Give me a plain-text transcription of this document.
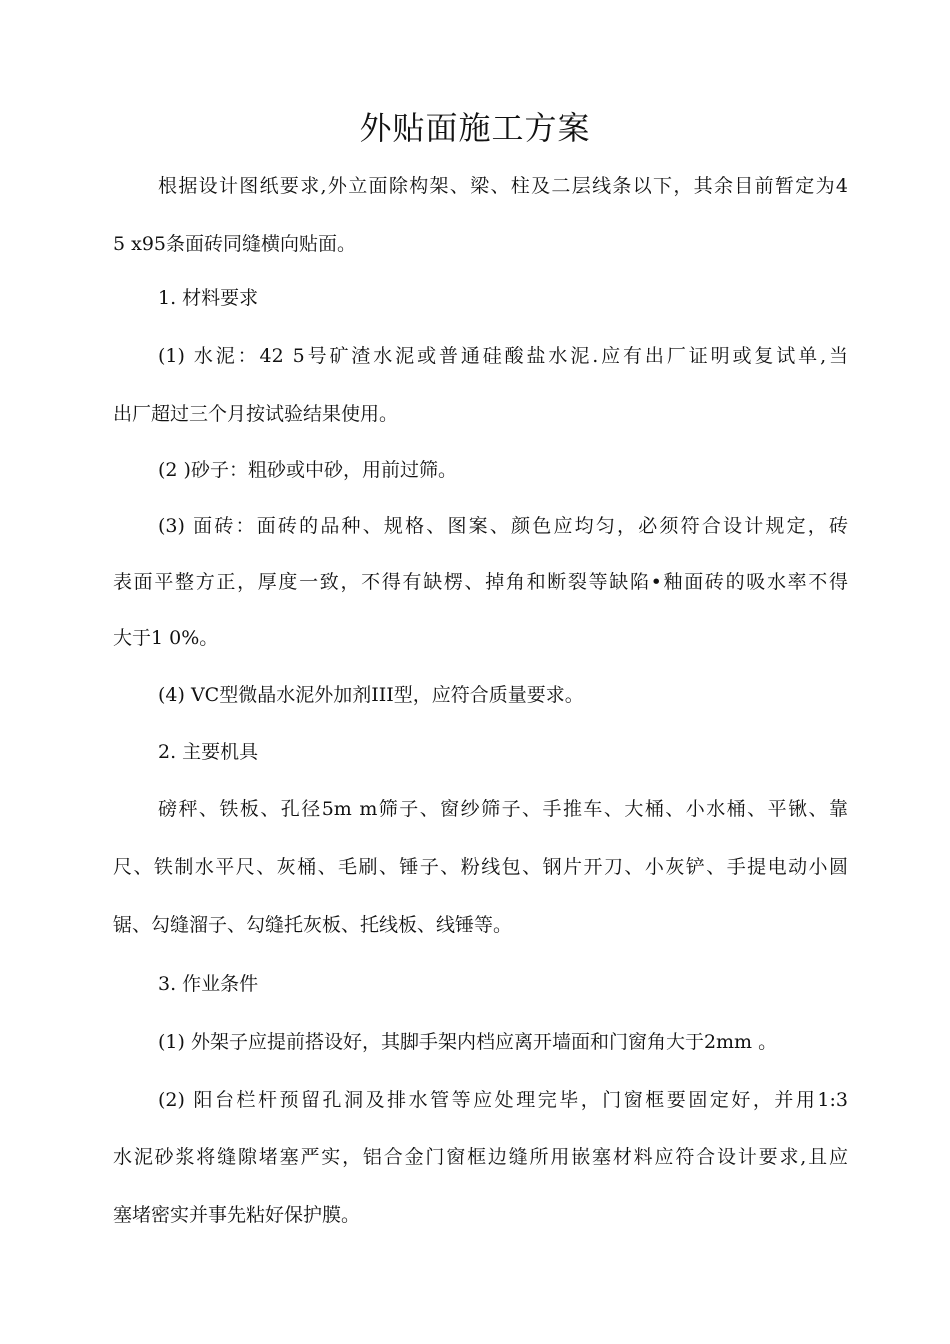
外贴面施工方案

根据设计图纸要求,外立面除构架、梁、柱及二层线条以下，其余目前暂定为4

5 x95条面砖同缝横向贴面。

1. 材料要求

(1) 水泥：42 5号矿渣水泥或普通硅酸盐水泥.应有出厂证明或复试单,当

出厂超过三个月按试验结果使用。

(2 )砂子：粗砂或中砂，用前过筛。

(3) 面砖：面砖的品种、规格、图案、颜色应均匀，必须符合设计规定，砖

表面平整方正，厚度一致，不得有缺楞、掉角和断裂等缺陷•釉面砖的吸水率不得

大于1 0%。

(4) VC型微晶水泥外加剂III型，应符合质量要求。

2. 主要机具

磅秤、铁板、孔径5m m筛子、窗纱筛子、手推车、大桶、小水桶、平锹、靠

尺、铁制水平尺、灰桶、毛刷、锤子、粉线包、钢片开刀、小灰铲、手提电动小圆

锯、勾缝溜子、勾缝托灰板、托线板、线锤等。

3. 作业条件

(1) 外架子应提前搭设好，其脚手架内档应离开墙面和门窗角大于2mm 。

(2) 阳台栏杆预留孔洞及排水管等应处理完毕，门窗框要固定好，并用1:3

水泥砂浆将缝隙堵塞严实，铝合金门窗框边缝所用嵌塞材料应符合设计要求,且应

塞堵密实并事先粘好保护膜。
